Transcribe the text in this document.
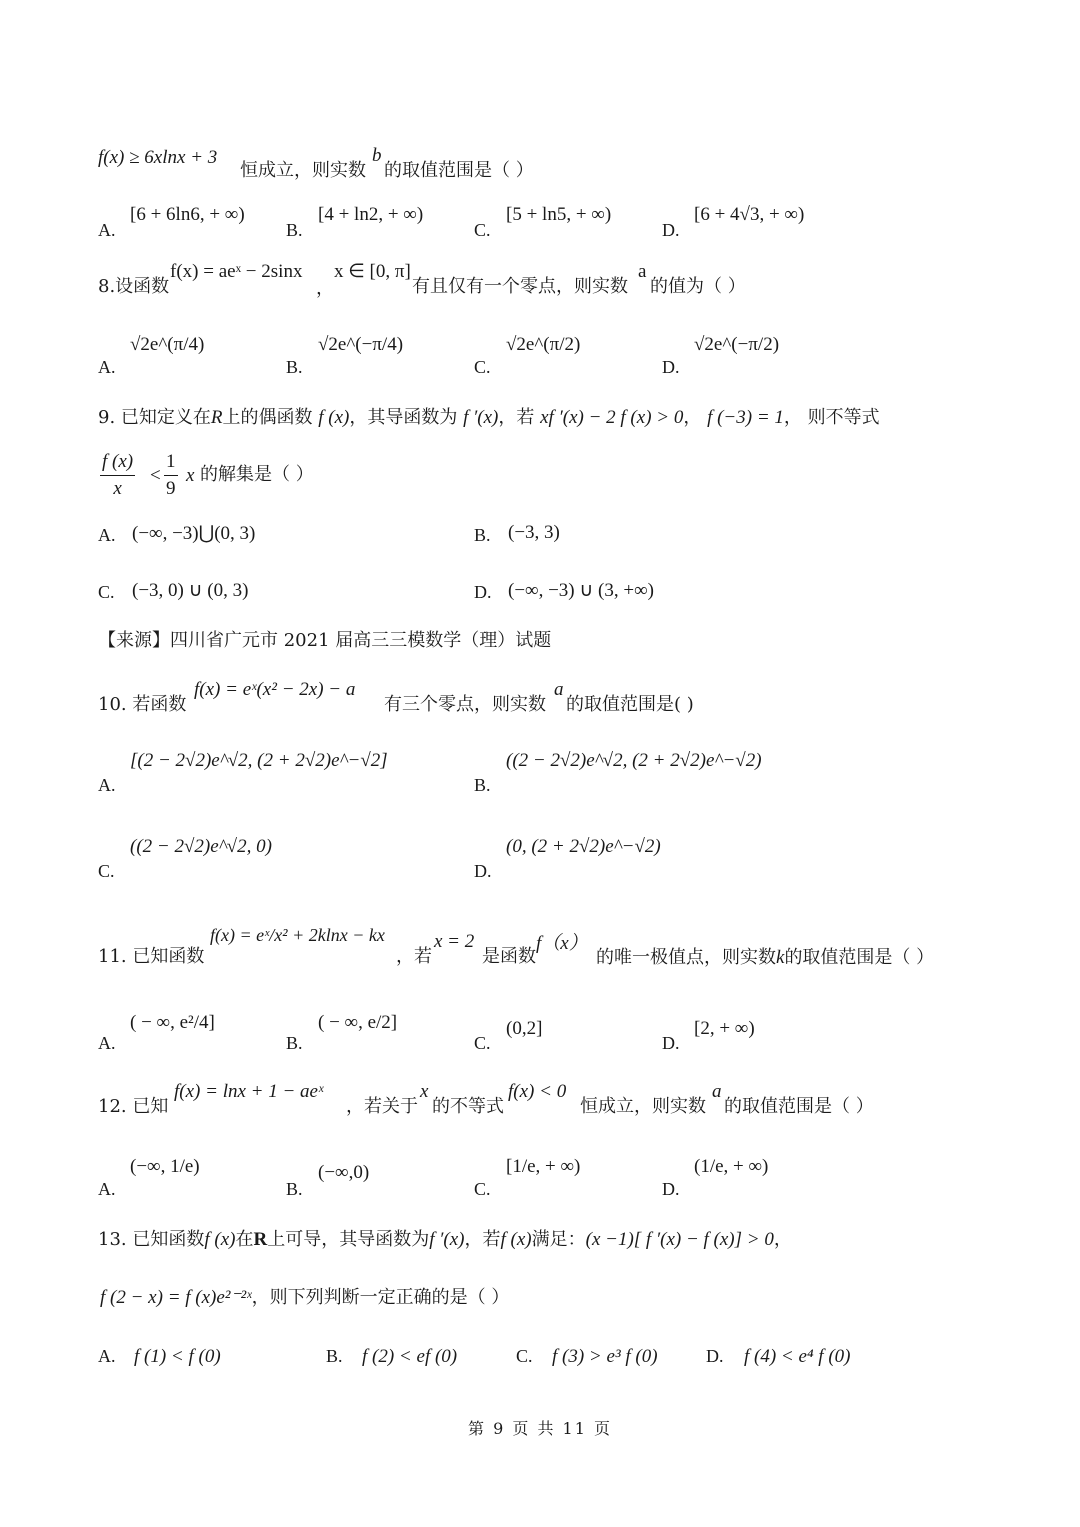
f(x) ≥ 6xlnx + 3
恒成立，则实数
b
的取值范围是（ ）
A.
[6 + 6ln6, + ∞)
B.
[4 + ln2, + ∞)
C.
[5 + ln5, + ∞)
D.
[6 + 4√3, + ∞)
8.设函数
f(x) = aeˣ − 2sinx
，
x ∈ [0, π]
有且仅有一个零点，则实数
a
的值为（ ）
A.
√2e^(π/4)
B.
√2e^(−π/4)
C.
√2e^(π/2)
D.
√2e^(−π/2)
9. 已知定义在R上的偶函数 f (x)，其导函数为 f ′(x)，若 xf ′(x) − 2 f (x) > 0， f (−3) = 1， 则不等式
$\frac{f (x)}{x} < \frac{1}{9}$ x 的解集是（ ）
A. (−∞, −3)⋃(0, 3)	B. (−3, 3)
C. (−3, 0) ∪ (0, 3)	D. (−∞, −3) ∪ (3, +∞)
【来源】四川省广元市 2021 届高三三模数学（理）试题
10. 若函数
f(x) = eˣ(x² − 2x) − a
有三个零点，则实数
a
的取值范围是( )
A.
[(2 − 2√2)e^√2, (2 + 2√2)e^−√2]
B.
((2 − 2√2)e^√2, (2 + 2√2)e^−√2)
C.
((2 − 2√2)e^√2, 0)
D.
(0, (2 + 2√2)e^−√2)
11. 已知函数
f(x) = eˣ/x² + 2klnx − kx
，若
x = 2
是函数
f（x）
的唯一极值点，则实数k的取值范围是（ ）
A.
( − ∞, e²/4]
B.
( − ∞, e/2]
C.
(0,2]
D.
[2, + ∞)
12. 已知
f(x) = lnx + 1 − aeˣ
，若关于
x
的不等式
f(x) < 0
恒成立，则实数
a
的取值范围是（ ）
A.
(−∞, 1/e)
B.
(−∞,0)
C.
[1/e, + ∞)
D.
(1/e, + ∞)
13. 已知函数f (x)在R上可导，其导函数为f ′(x)，若f (x)满足：(x −1)[ f ′(x) − f (x)] > 0，
f (2 − x) = f (x)e²⁻²ˣ，则下列判断一定正确的是（ ）
A. f (1) < f (0)	B. f (2) < ef (0)	C. f (3) > e³ f (0)	D. f (4) < e⁴ f (0)
第 9 页 共 11 页
